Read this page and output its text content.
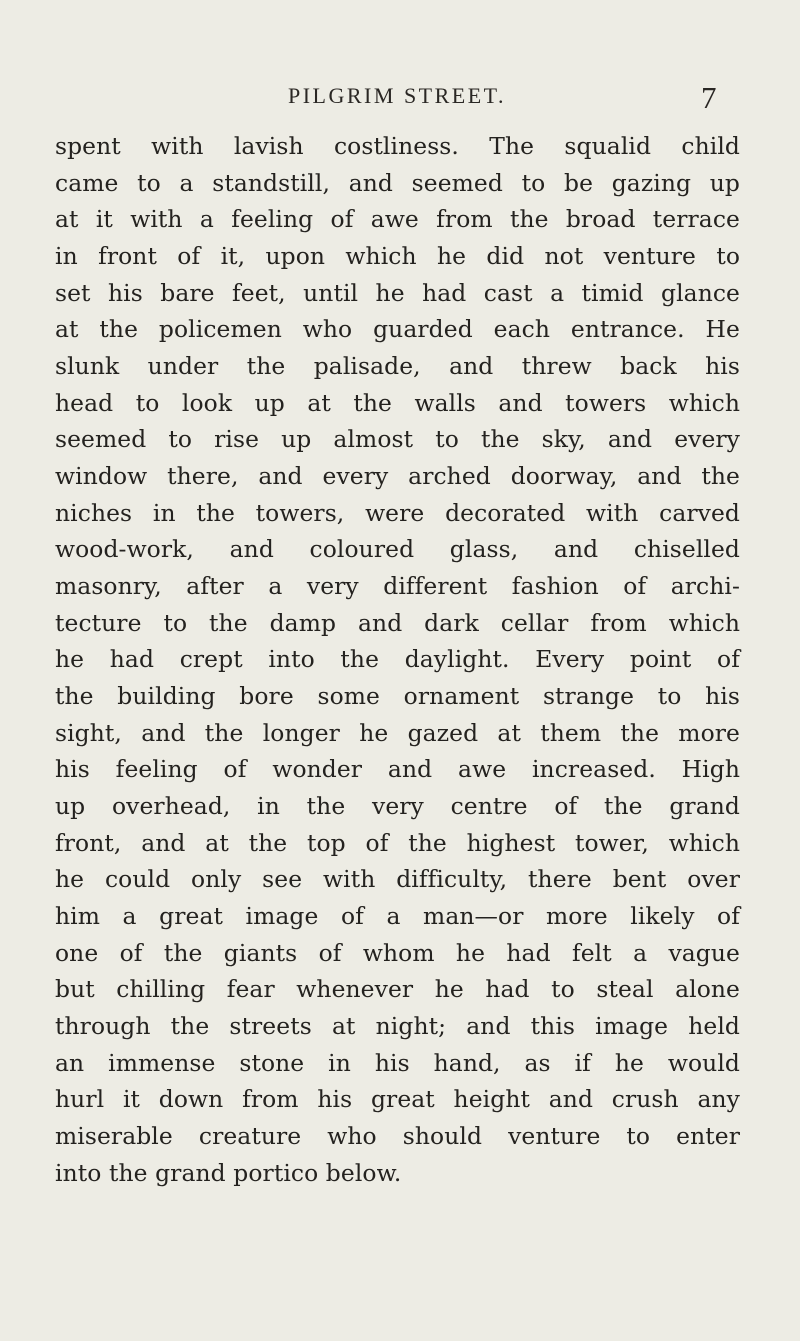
PILGRIM STREET.	7
spent with lavish costliness. The squalid child
came to a standstill, and seemed to be gazing up
at it with a feeling of awe from the broad terrace
in front of it, upon which he did not venture to
set his bare feet, until he had cast a timid glance
at the policemen who guarded each entrance. He
slunk under the palisade, and threw back his
head to look up at the walls and towers which
seemed to rise up almost to the sky, and every
window there, and every arched doorway, and the
niches in the towers, were decorated with carved
wood-work, and coloured glass, and chiselled
masonry, after a very different fashion of archi-
tecture to the damp and dark cellar from which
he had crept into the daylight. Every point of
the building bore some ornament strange to his
sight, and the longer he gazed at them the more
his feeling of wonder and awe increased. High
up overhead, in the very centre of the grand
front, and at the top of the highest tower, which
he could only see with difficulty, there bent over
him a great image of a man—or more likely of
one of the giants of whom he had felt a vague
but chilling fear whenever he had to steal alone
through the streets at night; and this image held
an immense stone in his hand, as if he would
hurl it down from his great height and crush any
miserable creature who should venture to enter
into the grand portico below.
